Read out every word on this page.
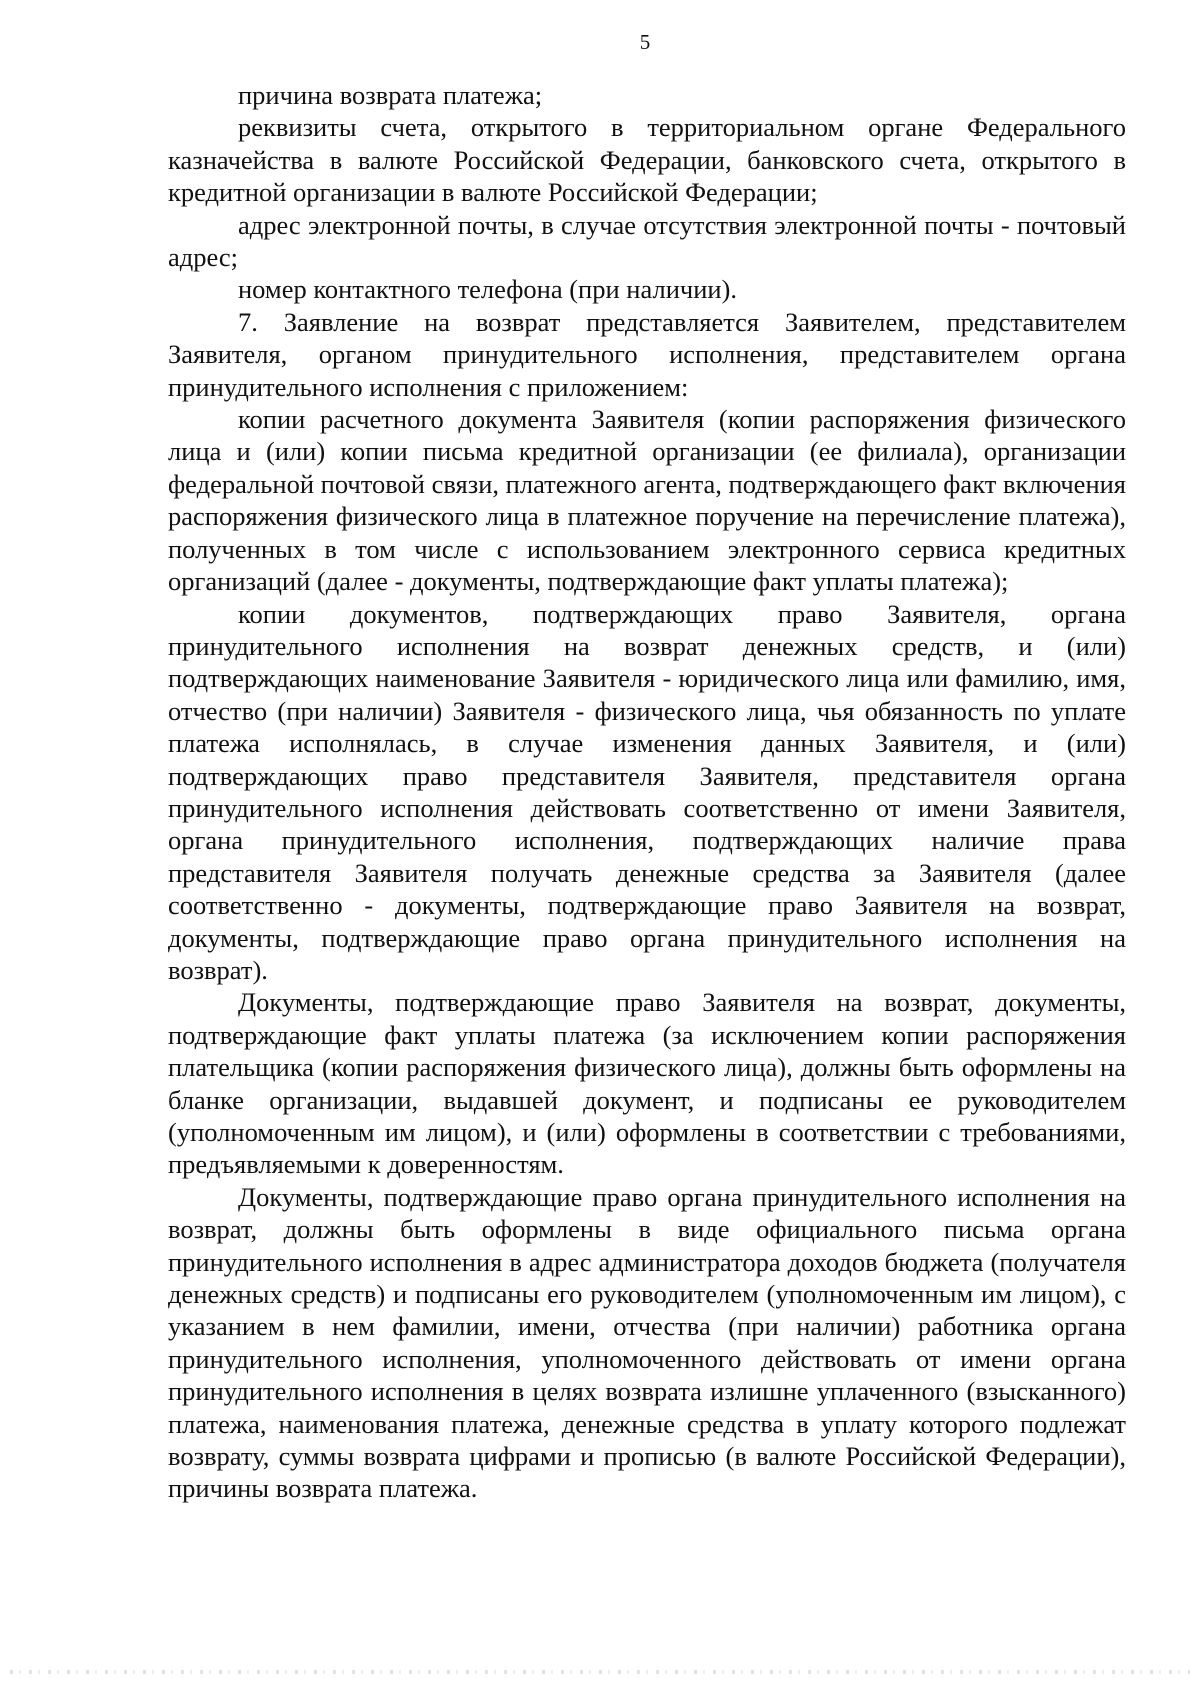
5

причина возврата платежа;

реквизиты счета, открытого в территориальном органе Федерального казначейства в валюте Российской Федерации, банковского счета, открытого в кредитной организации в валюте Российской Федерации;

адрес электронной почты, в случае отсутствия электронной почты - почтовый адрес;

номер контактного телефона (при наличии).

7. Заявление на возврат представляется Заявителем, представителем Заявителя, органом принудительного исполнения, представителем органа принудительного исполнения с приложением:

копии расчетного документа Заявителя (копии распоряжения физического лица и (или) копии письма кредитной организации (ее филиала), организации федеральной почтовой связи, платежного агента, подтверждающего факт включения распоряжения физического лица в платежное поручение на перечисление платежа), полученных в том числе с использованием электронного сервиса кредитных организаций (далее - документы, подтверждающие факт уплаты платежа);

копии документов, подтверждающих право Заявителя, органа принудительного исполнения на возврат денежных средств, и (или) подтверждающих наименование Заявителя - юридического лица или фамилию, имя, отчество (при наличии) Заявителя - физического лица, чья обязанность по уплате платежа исполнялась, в случае изменения данных Заявителя, и (или) подтверждающих право представителя Заявителя, представителя органа принудительного исполнения действовать соответственно от имени Заявителя, органа принудительного исполнения, подтверждающих наличие права представителя Заявителя получать денежные средства за Заявителя (далее соответственно - документы, подтверждающие право Заявителя на возврат, документы, подтверждающие право органа принудительного исполнения на возврат).

Документы, подтверждающие право Заявителя на возврат, документы, подтверждающие факт уплаты платежа (за исключением копии распоряжения плательщика (копии распоряжения физического лица), должны быть оформлены на бланке организации, выдавшей документ, и подписаны ее руководителем (уполномоченным им лицом), и (или) оформлены в соответствии с требованиями, предъявляемыми к доверенностям.

Документы, подтверждающие право органа принудительного исполнения на возврат, должны быть оформлены в виде официального письма органа принудительного исполнения в адрес администратора доходов бюджета (получателя денежных средств) и подписаны его руководителем (уполномоченным им лицом), с указанием в нем фамилии, имени, отчества (при наличии) работника органа принудительного исполнения, уполномоченного действовать от имени органа принудительного исполнения в целях возврата излишне уплаченного (взысканного) платежа, наименования платежа, денежные средства в уплату которого подлежат возврату, суммы возврата цифрами и прописью (в валюте Российской Федерации), причины возврата платежа.
